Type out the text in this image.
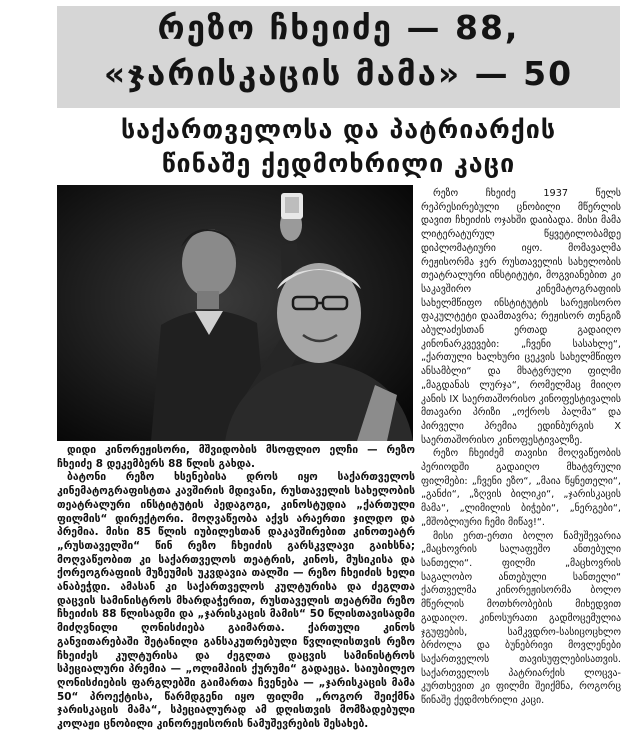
რეზო ჩხეიძე — 88,
«ჯარისკაცის მამა» — 50
საქართველოსა და პატრიარქის
წინაშე ქედმოხრილი კაცი

დიდი კინორეჟისორი, მშვიდობის მსოფლიო ელჩი — რეზო ჩხეიძე 8 დეკემბერს 88 წლის გახდა.

ბატონი რეზო ხსენებისა დროს იყო საქართველოს კინემატოგრაფისტთა კავშირის მდივანი, რუსთაველის სახელობის თეატრალური ინსტიტუტის პედაგოგი, კინოსტუდია „ქართული ფილმის“ დირექტორი. მოღვაწეობა აქვს არაერთი ჯილდო და პრემია. მისი 85 წლის იუბილესთან დაკავშირებით კინოთეატრ „რუსთაველში“ წინ რეზო ჩხეიძის გარსკვლავი გაიხსნა; მოღვაწეობით კი საქართველოს თეატრის, კინოს, მუსიკისა და ქორეოგრაფიის მუზეუმის უკვდავია თალში — რეზო ჩხეიძის ხელი ანაბეჭდი. ამასან კი საქართველოს კულტურისა და ძეგლთა დაცვის სამინისტროს მხარდაჭერით, რუსთაველის თეატრში რეზო ჩხეიძის 88 წლისადმი და „ჯარისკაცის მამის“ 50 წლისთავისადმი მიძღვნილი ღონისძიება გაიმართა. ქართული კინოს განვითარებაში შეტანილი განსაკუთრებული წვლილისთვის რეზო ჩხეიძეს კულტურისა და ძეგლთა დაცვის სამინისტროს სპეციალური პრემია — „ოლიმპიის ქურუმი“ გადაეცა. საიუბილეო ღონისძიების ფარგლებში გაიმართა ჩვენება — „ჯარისკაცის მამა 50“ პროექტისა, წარმდგენი იყო ფილმი „როგორ შეიქმნა ჯარისკაცის მამა“, სპეციალურად ამ დღისთვის მომზადებული კოლაჟი ცნობილი კინორეჟისორის ნამუშევრების შესახებ.

რეზო ჩხეიძე 1937 წელს რეპრესირებული ცნობილი მწერლის დავით ჩხეიძის ოჯახში დაიბადა. მისი მამა ლიტერატურულ წყვეტილობამდე დიპლომატიური იყო. მომავალმა რეჟისორმა ჯერ რუსთაველის სახელობის თეატრალური ინსტიტუტი, მოგვიანებით კი საკავშირო კინემატოგრაფიის სახელმწიფო ინსტიტუტის სარეჟისორო ფაკულტეტი დაამთავრა; რეჟისორ თენგიზ აბულაძესთან ერთად გადაიღო კინონარკვევები: „ჩვენი სასახლე“, „ქართული ხალხური ცეკვის სახელმწიფო ანსამბლი“ და მხატვრული ფილმი „მაგდანას ლურჯა“, რომელმაც მიიღო კანის IX საერთაშორისო კინოფესტივალის მთავარი პრიზი „ოქროს პალმა“ და პირველი პრემია ედინბურგის X საერთაშორისო კინოფესტივალზე.

რეზო ჩხეიძემ თავისი მოღვაწეობის პერიოდში გადაიღო მხატვრული ფილმები: „ჩვენი ეზო“, „მაია წყნეთელი“, „განძი“, „ზღვის ბილიკი“, „ჯარისკაცის მამა“, „ლიმილის ბიჭები“, „ნერგები“, „მშობლიური ჩემი მიწავ!“.

მისი ერთ-ერთი ბოლო ნამუშევარია „მაცხოვრის სალაფეშო ანთებული სანთელი“. ფილმი „მაცხოვრის საგალობო ანთებული სანთელი“ ქართველმა კინორეჟისორმა ბოლო მწერლის მოთხრობების მიხედვით გადაიღო. კინოსურათი გადმოცემულია ჯგუფების, სამკვდრო-სასიცოცხლო ბრძოლა და ბუნებრივი მოვლენები საქართველოს თავისუფლებისათვის. საქართველოს პატრიარქის ლოცვა-კურთხევით კი ფილმი შეიქმნა, როგორც წინაშე ქედმოხრილი კაცი.
